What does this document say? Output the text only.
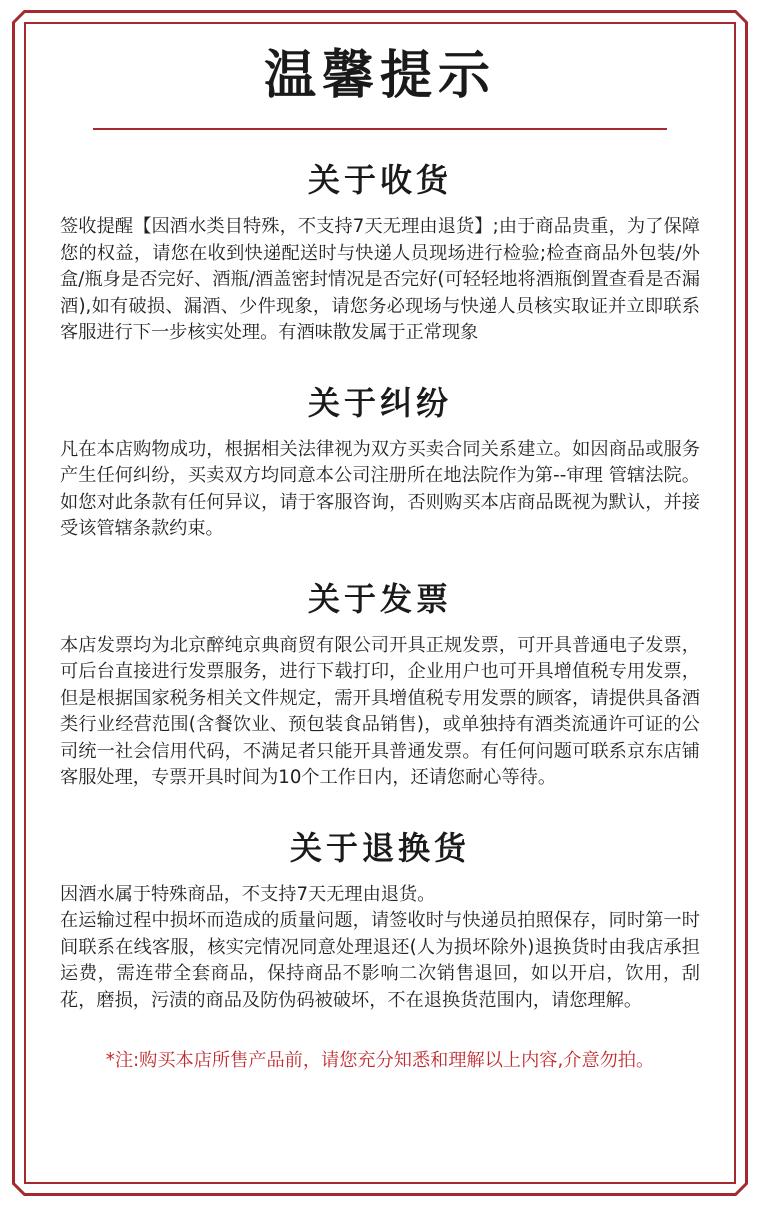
温馨提示
关于收货

签收提醒【因酒水类目特殊，不支持7天无理由退货】;由于商品贵重，为了保障您的权益，请您在收到快递配送时与快递人员现场进行检验;检查商品外包装/外盒/瓶身是否完好、酒瓶/酒盖密封情况是否完好(可轻轻地将酒瓶倒置查看是否漏酒),如有破损、漏酒、少件现象，请您务必现场与快递人员核实取证并立即联系客服进行下一步核实处理。有酒味散发属于正常现象

关于纠纷

凡在本店购物成功，根据相关法律视为双方买卖合同关系建立。如因商品或服务产生任何纠纷，买卖双方均同意本公司注册所在地法院作为第--审理 管辖法院。如您对此条款有任何异议，请于客服咨询，否则购买本店商品既视为默认，并接受该管辖条款约束。

关于发票

本店发票均为北京醉纯京典商贸有限公司开具正规发票，可开具普通电子发票，可后台直接进行发票服务，进行下载打印，企业用户也可开具增值税专用发票，但是根据国家税务相关文件规定，需开具增值税专用发票的顾客，请提供具备酒类行业经营范围(含餐饮业、预包装食品销售)，或单独持有酒类流通许可证的公司统一社会信用代码，不满足者只能开具普通发票。有任何问题可联系京东店铺客服处理，专票开具时间为10个工作日内，还请您耐心等待。

关于退换货

因酒水属于特殊商品，不支持7天无理由退货。
在运输过程中损坏而造成的质量问题，请签收时与快递员拍照保存，同时第一时间联系在线客服，核实完情况同意处理退还(人为损坏除外)退换货时由我店承担运费，需连带全套商品，保持商品不影响二次销售退回，如以开启，饮用，刮花，磨损，污渍的商品及防伪码被破坏，不在退换货范围内，请您理解。

*注:购买本店所售产品前，请您充分知悉和理解以上内容,介意勿拍。
